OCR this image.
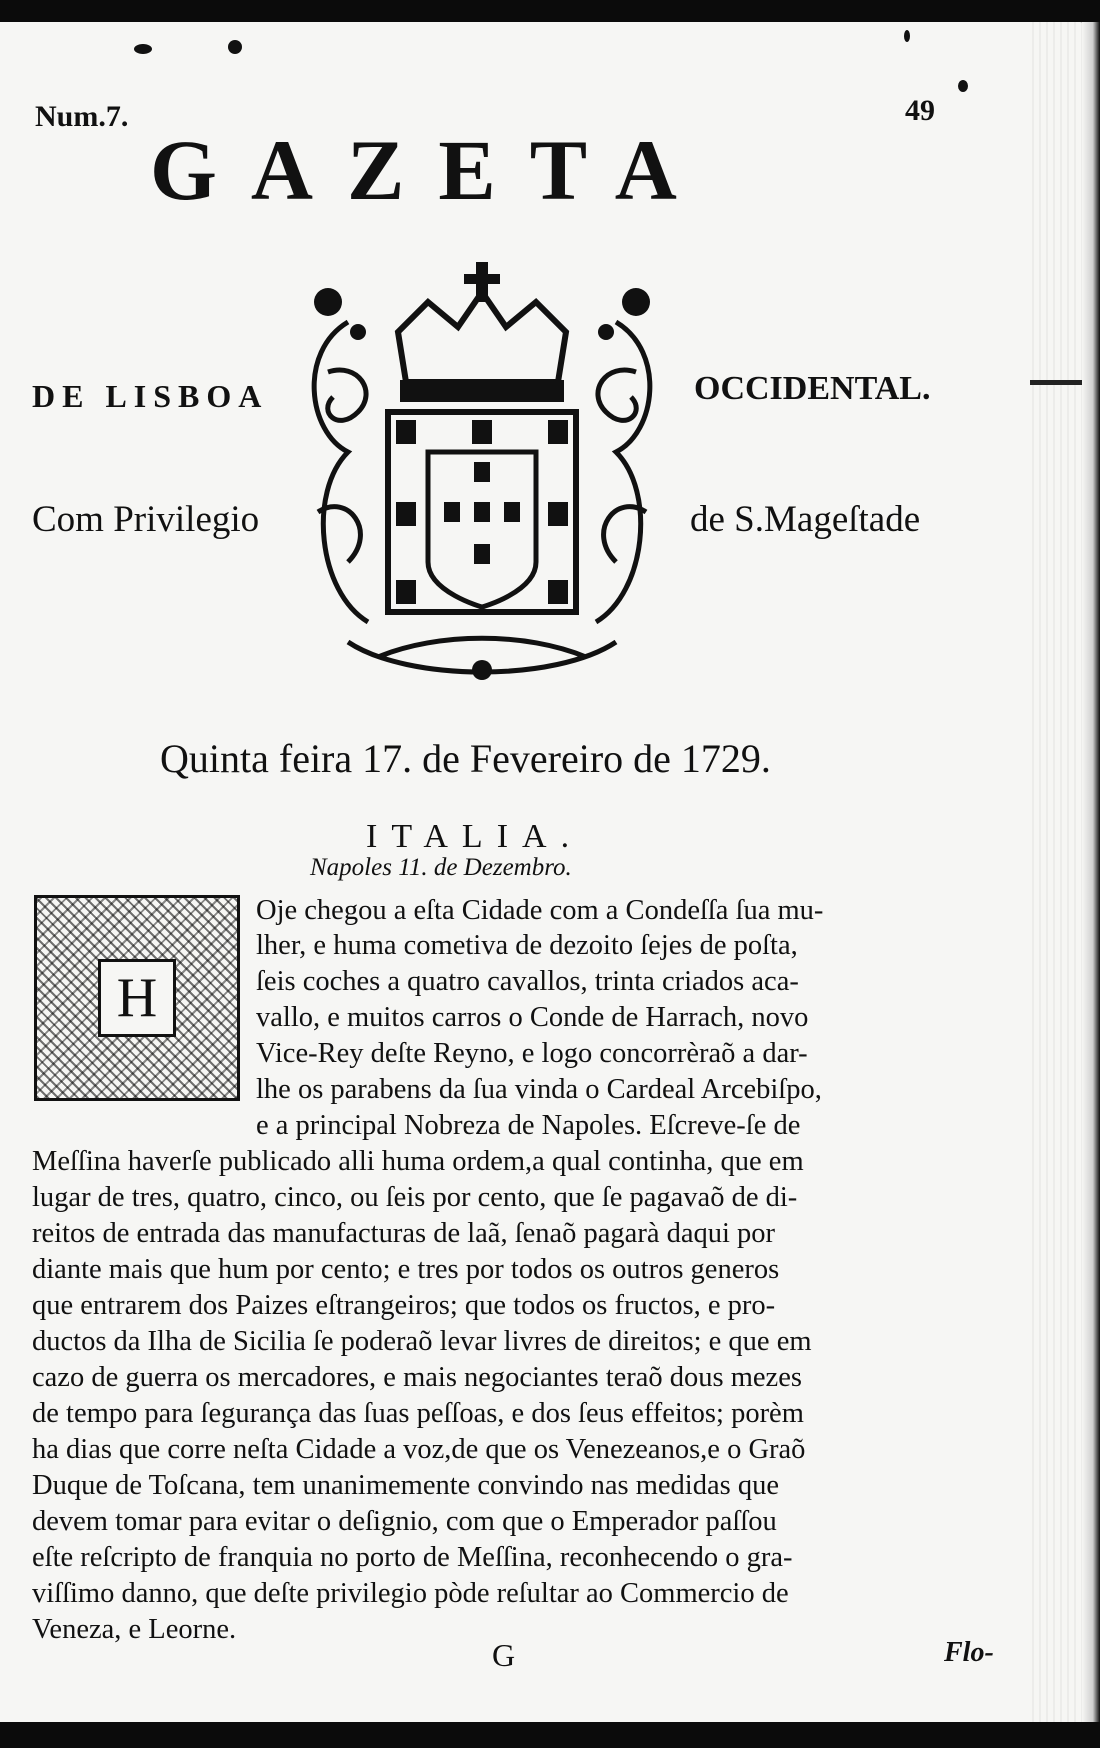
Num.7.	49
GAZETA
DE LISBOA	OCCIDENTAL.
Com Privilegio	de S.Mageſtade
Quinta feira 17. de Fevereiro de 1729.
ITALIA.
Napoles 11. de Dezembro.
H
Oje chegou a eſta Cidade com a Condeſſa ſua mu-
lher, e huma cometiva de dezoito ſejes de poſta,
ſeis coches a quatro cavallos, trinta criados aca-
vallo, e muitos carros o Conde de Harrach, novo
Vice-Rey deſte Reyno, e logo concorrèraõ a dar-
lhe os parabens da ſua vinda o Cardeal Arcebiſpo,
e a principal Nobreza de Napoles. Eſcreve-ſe de
Meſſina haverſe publicado alli huma ordem,a qual continha, que em
lugar de tres, quatro, cinco, ou ſeis por cento, que ſe pagavaõ de di-
reitos de entrada das manufacturas de laã, ſenaõ pagarà daqui por
diante mais que hum por cento; e tres por todos os outros generos
que entrarem dos Paizes eſtrangeiros; que todos os fructos, e pro-
ductos da Ilha de Sicilia ſe poderaõ levar livres de direitos; e que em
cazo de guerra os mercadores, e mais negociantes teraõ dous mezes
de tempo para ſegurança das ſuas peſſoas, e dos ſeus effeitos; porèm
ha dias que corre neſta Cidade a voz,de que os Venezeanos,e o Graõ
Duque de Toſcana, tem unanimemente convindo nas medidas que
devem tomar para evitar o deſignio, com que o Emperador paſſou
eſte reſcripto de franquia no porto de Meſſina, reconhecendo o gra-
viſſimo danno, que deſte privilegio pòde reſultar ao Commercio de
Veneza, e Leorne.
G	Flo-
